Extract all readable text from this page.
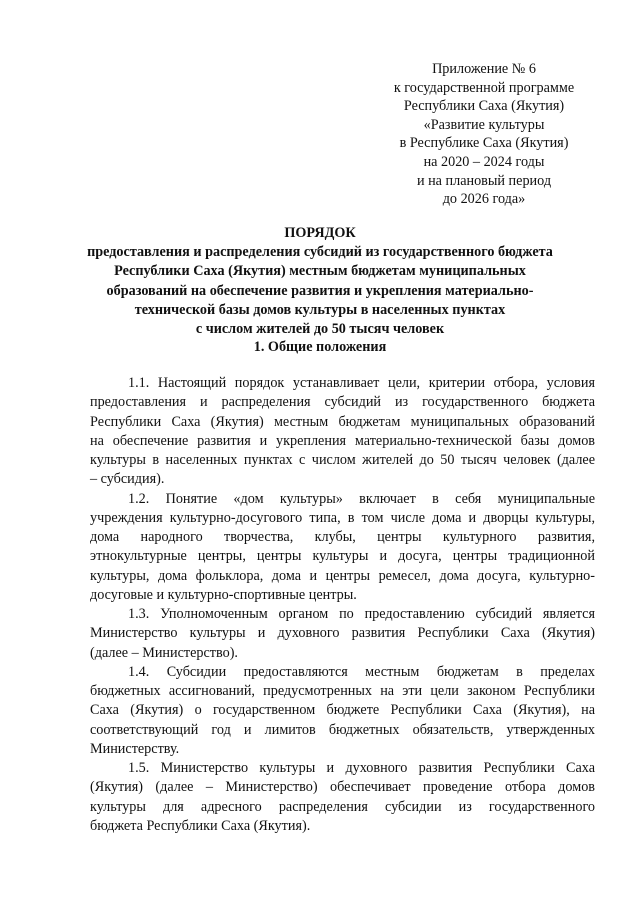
Приложение № 6
к государственной программе
Республики Саха (Якутия)
«Развитие культуры
в Республике Саха (Якутия)
на 2020 – 2024 годы
и на плановый период
до 2026 года»
ПОРЯДОК
предоставления и распределения субсидий из государственного бюджета
Республики Саха (Якутия) местным бюджетам муниципальных
образований на обеспечение развития и укрепления материально-
технической базы домов культуры в населенных пунктах
с числом жителей до 50 тысяч человек
1. Общие положения
1.1. Настоящий порядок устанавливает цели, критерии отбора, условия
предоставления и распределения субсидий из государственного бюджета
Республики Саха (Якутия) местным бюджетам муниципальных образований
на обеспечение развития и укрепления материально-технической базы домов
культуры в населенных пунктах с числом жителей до 50 тысяч человек (далее
– субсидия).
1.2. Понятие «дом культуры» включает в себя муниципальные
учреждения культурно-досугового типа, в том числе дома и дворцы культуры,
дома народного творчества, клубы, центры культурного развития,
этнокультурные центры, центры культуры и досуга, центры традиционной
культуры, дома фольклора, дома и центры ремесел, дома досуга, культурно-
досуговые и культурно-спортивные центры.
1.3. Уполномоченным органом по предоставлению субсидий является
Министерство культуры и духовного развития Республики Саха (Якутия)
(далее – Министерство).
1.4. Субсидии предоставляются местным бюджетам в пределах
бюджетных ассигнований, предусмотренных на эти цели законом Республики
Саха (Якутия) о государственном бюджете Республики Саха (Якутия), на
соответствующий год и лимитов бюджетных обязательств, утвержденных
Министерству.
1.5. Министерство культуры и духовного развития Республики Саха
(Якутия) (далее – Министерство) обеспечивает проведение отбора домов
культуры для адресного распределения субсидии из государственного
бюджета Республики Саха (Якутия).
